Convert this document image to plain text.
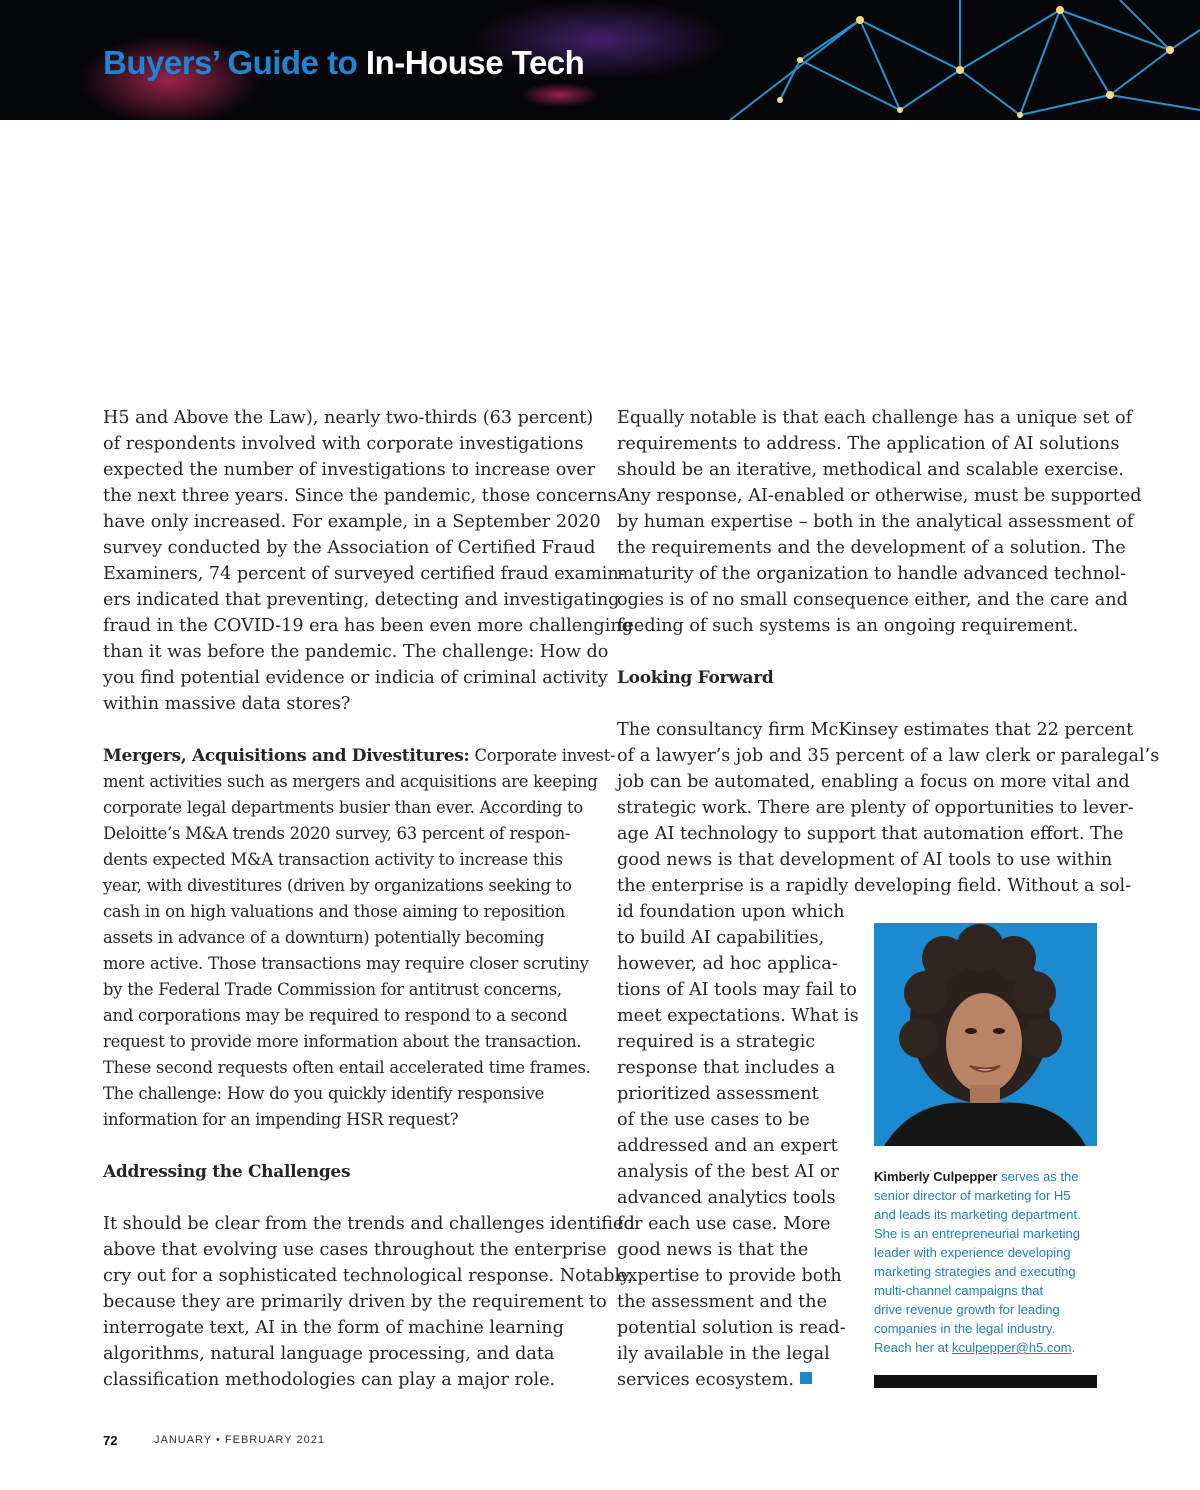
Buyers’ Guide to In-House Tech

H5 and Above the Law), nearly two-thirds (63 percent)

of respondents involved with corporate investigations

expected the number of investigations to increase over

the next three years. Since the pandemic, those concerns

have only increased. For example, in a September 2020

survey conducted by the Association of Certified Fraud

Examiners, 74 percent of surveyed certified fraud examin-

ers indicated that preventing, detecting and investigating

fraud in the COVID-19 era has been even more challenging

than it was before the pandemic. The challenge: How do

you find potential evidence or indicia of criminal activity

within massive data stores?

Mergers, Acquisitions and Divestitures: Corporate invest-

ment activities such as mergers and acquisitions are keeping

corporate legal departments busier than ever. According to

Deloitte’s M&A trends 2020 survey, 63 percent of respon-

dents expected M&A transaction activity to increase this

year, with divestitures (driven by organizations seeking to

cash in on high valuations and those aiming to reposition

assets in advance of a downturn) potentially becoming

more active. Those transactions may require closer scrutiny

by the Federal Trade Commission for antitrust concerns,

and corporations may be required to respond to a second

request to provide more information about the transaction.

These second requests often entail accelerated time frames.

The challenge: How do you quickly identify responsive

information for an impending HSR request?

Addressing the Challenges

It should be clear from the trends and challenges identified

above that evolving use cases throughout the enterprise

cry out for a sophisticated technological response. Notably,

because they are primarily driven by the requirement to

interrogate text, AI in the form of machine learning

algorithms, natural language processing, and data

classification methodologies can play a major role.

Equally notable is that each challenge has a unique set of

requirements to address. The application of AI solutions

should be an iterative, methodical and scalable exercise.

Any response, AI-enabled or otherwise, must be supported

by human expertise – both in the analytical assessment of

the requirements and the development of a solution. The

maturity of the organization to handle advanced technol-

ogies is of no small consequence either, and the care and

feeding of such systems is an ongoing requirement.

Looking Forward

The consultancy firm McKinsey estimates that 22 percent

of a lawyer’s job and 35 percent of a law clerk or paralegal’s

job can be automated, enabling a focus on more vital and

strategic work. There are plenty of opportunities to lever-

age AI technology to support that automation effort. The

good news is that development of AI tools to use within

the enterprise is a rapidly developing field. Without a sol-

id foundation upon which

to build AI capabilities,

however, ad hoc applica-

tions of AI tools may fail to

meet expectations. What is

required is a strategic

response that includes a

prioritized assessment

of the use cases to be

addressed and an expert

analysis of the best AI or

advanced analytics tools

for each use case. More

good news is that the

expertise to provide both

the assessment and the

potential solution is read-

ily available in the legal

services ecosystem.

Kimberly Culpepper serves as the

senior director of marketing for H5

and leads its marketing department.

She is an entrepreneurial marketing

leader with experience developing

marketing strategies and executing

multi-channel campaigns that

drive revenue growth for leading

companies in the legal industry.

Reach her at kculpepper@h5.com.

72	JANUARY • FEBRUARY 2021
